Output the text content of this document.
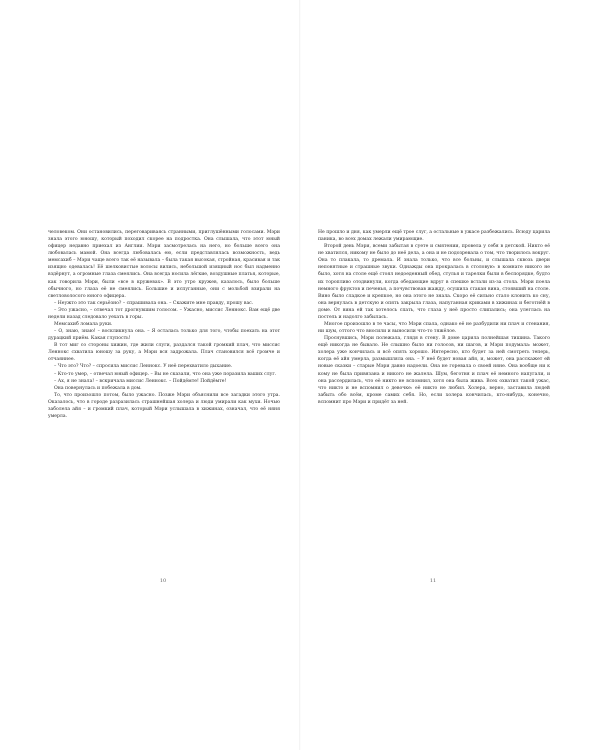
человеком. Они остановились, переговариваясь странными, приглушёнными голосами. Мэри знала этого юношу, который походил скорее на подростка. Она слышала, что этот юный офицер недавно приехал из Англии. Мэри засмотрелась на него, но больше всего она любовалась мамой. Она всегда любовалась ею, если представлялась возможность, ведь мемсахиб – Мэри чаще всего так её называла – была такая высокая, стройная, красивая и так изящно одевалась! Её шелковистые волосы вились, небольшой изящный нос был надменно вздёрнут, а огромные глаза смеялись. Она всегда носила лёгкие, воздушные платья, которые, как говорила Мэри, были «все в кружевах». В это утро кружев, казалось, было больше обычного, но глаза её не смеялись. Большие и испуганные, они с мольбой взирали на светловолосого юного офицера.

– Неужто это так серьёзно? – спрашивала она. – Скажите мне правду, прошу вас.

– Это ужасно, – отвечал тот дрогнувшим голосом. – Ужасно, миссис Леннокс. Вам ещё две недели назад следовало уехать в горы.

Мемсахиб ломала руки.

– О, знаю, знаю! – воскликнула она. – Я осталась только для того, чтобы поехать на этот дурацкий приём. Какая глупость!

В тот миг со стороны хижин, где жили слуги, раздался такой громкий плач, что миссис Леннокс схватила юношу за руку, а Мэри вся задрожала. Плач становился всё громче и отчаяннее.

– Что это? Что? – спросила миссис Леннокс. У неё перехватило дыхание.

– Кто-то умер, – отвечал юный офицер. – Вы не сказали, что она уже поразила ваших слуг.

– Ах, я не знала! – вскричала миссис Леннокс. – Пойдёмте! Пойдёмте!

Она повернулась и побежала в дом.

То, что произошло потом, было ужасно. Позже Мэри объяснили все загадки этого утра. Оказалось, что в городе разразилась страшнейшая холера и люди умирали как мухи. Ночью заболела айя – и громкий плач, который Мэри услышала в хижинах, означал, что её няня умерла.

10

Не прошло и дня, как умерли ещё трое слуг, а остальные в ужасе разбежались. Всюду царила паника, во всех домах лежали умирающие.

Второй день Мэри, всеми забытая в суете и смятении, провела у себя в детской. Никто её не хватился, никому не было до неё дела, а она и не подозревала о том, что творилось вокруг. Она то плакала, то дремала. И знала только, что все больны, и слышала сквозь двери непонятные и страшные звуки. Однажды она прокралась в столовую: в комнате никого не было, хотя на столе ещё стоял недоеденный обед, стулья и тарелки были в беспорядке, будто их торопливо отодвинули, когда обедающие вдруг в спешке встали из-за стола. Мэри поела немного фруктов и печенья, а почувствовав жажду, осушила стакан вина, стоявший на столе. Вино было сладкое и крепкое, но она этого не знала. Скоро её сильно стало клонить ко сну, она вернулась в детскую и опять закрыла глаза, напуганная криками в хижинах и беготнёй в доме. От вина ей так хотелось спать, что глаза у неё просто слипались; она улеглась на постель и надолго забылась.

Многое произошло в те часы, что Мэри спала, однако её не разбудили ни плач и стенания, ни шум, оттого что вносили и выносили что-то тяжёлое.

Проснувшись, Мэри полежала, глядя в стену. В доме царила полнейшая тишина. Такого ещё никогда не бывало. Не слышно было ни голосов, ни шагов, и Мэри подумала: может, холера уже кончилась и всё опять хорошо. Интересно, кто будет за ней смотреть теперь, когда её айя умерла, размышляла она. – У неё будет новая айя, и, может, она расскажет ей новые сказки – старые Мэри давно надоели. Она не горевала о своей няне. Она вообще ни к кому не была привязана и никого не жалела. Шум, беготня и плач её немного напугали, и она рассердилась, что её никто не вспомнил, хотя она была жива. Всех охватил такой ужас, что никто и не вспомнил о девочке: её никто не любил. Холера, верно, заставила людей забыть обо всём, кроме самих себя. Но, если холера кончилась, кто-нибудь, конечно, вспомнит про Мэри и придёт за ней.

11
